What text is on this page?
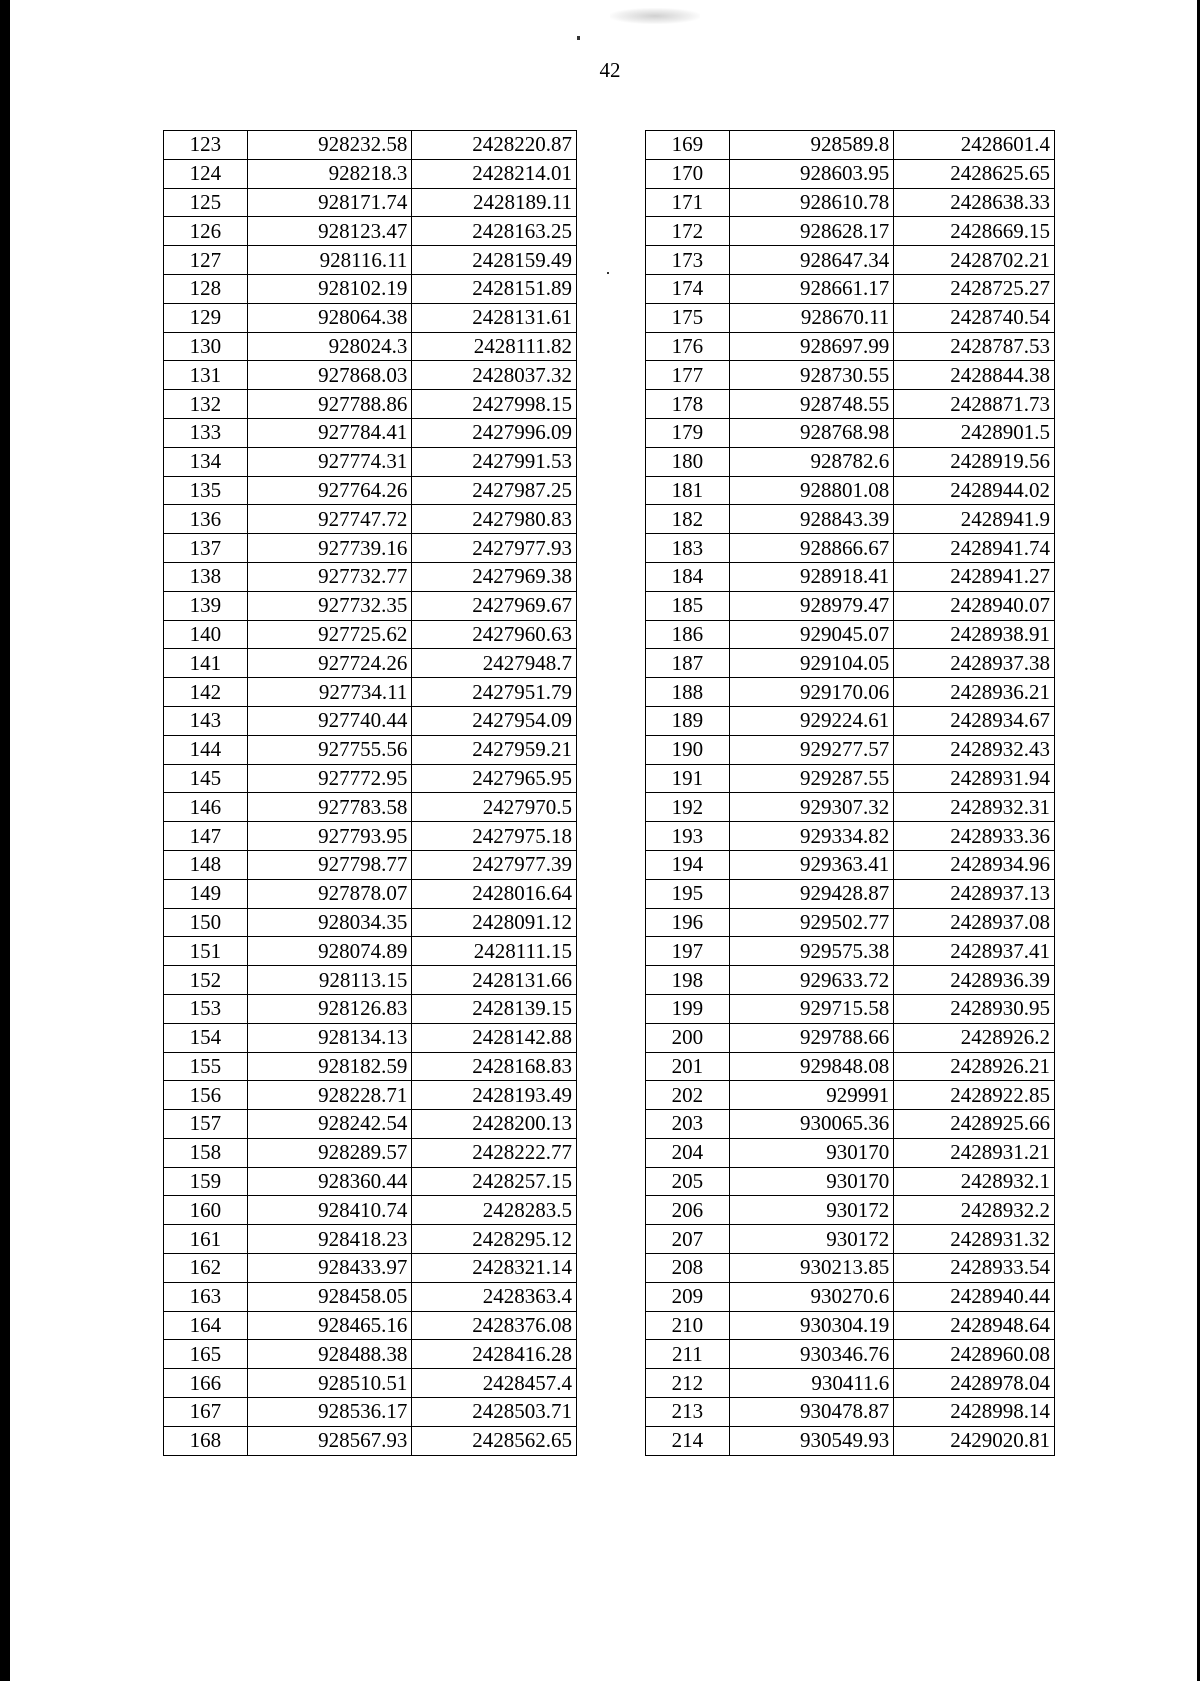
42
123	928232.58	2428220.87
124	928218.3	2428214.01
125	928171.74	2428189.11
126	928123.47	2428163.25
127	928116.11	2428159.49
128	928102.19	2428151.89
129	928064.38	2428131.61
130	928024.3	2428111.82
131	927868.03	2428037.32
132	927788.86	2427998.15
133	927784.41	2427996.09
134	927774.31	2427991.53
135	927764.26	2427987.25
136	927747.72	2427980.83
137	927739.16	2427977.93
138	927732.77	2427969.38
139	927732.35	2427969.67
140	927725.62	2427960.63
141	927724.26	2427948.7
142	927734.11	2427951.79
143	927740.44	2427954.09
144	927755.56	2427959.21
145	927772.95	2427965.95
146	927783.58	2427970.5
147	927793.95	2427975.18
148	927798.77	2427977.39
149	927878.07	2428016.64
150	928034.35	2428091.12
151	928074.89	2428111.15
152	928113.15	2428131.66
153	928126.83	2428139.15
154	928134.13	2428142.88
155	928182.59	2428168.83
156	928228.71	2428193.49
157	928242.54	2428200.13
158	928289.57	2428222.77
159	928360.44	2428257.15
160	928410.74	2428283.5
161	928418.23	2428295.12
162	928433.97	2428321.14
163	928458.05	2428363.4
164	928465.16	2428376.08
165	928488.38	2428416.28
166	928510.51	2428457.4
167	928536.17	2428503.71
168	928567.93	2428562.65
169	928589.8	2428601.4
170	928603.95	2428625.65
171	928610.78	2428638.33
172	928628.17	2428669.15
173	928647.34	2428702.21
174	928661.17	2428725.27
175	928670.11	2428740.54
176	928697.99	2428787.53
177	928730.55	2428844.38
178	928748.55	2428871.73
179	928768.98	2428901.5
180	928782.6	2428919.56
181	928801.08	2428944.02
182	928843.39	2428941.9
183	928866.67	2428941.74
184	928918.41	2428941.27
185	928979.47	2428940.07
186	929045.07	2428938.91
187	929104.05	2428937.38
188	929170.06	2428936.21
189	929224.61	2428934.67
190	929277.57	2428932.43
191	929287.55	2428931.94
192	929307.32	2428932.31
193	929334.82	2428933.36
194	929363.41	2428934.96
195	929428.87	2428937.13
196	929502.77	2428937.08
197	929575.38	2428937.41
198	929633.72	2428936.39
199	929715.58	2428930.95
200	929788.66	2428926.2
201	929848.08	2428926.21
202	929991	2428922.85
203	930065.36	2428925.66
204	930170	2428931.21
205	930170	2428932.1
206	930172	2428932.2
207	930172	2428931.32
208	930213.85	2428933.54
209	930270.6	2428940.44
210	930304.19	2428948.64
211	930346.76	2428960.08
212	930411.6	2428978.04
213	930478.87	2428998.14
214	930549.93	2429020.81
